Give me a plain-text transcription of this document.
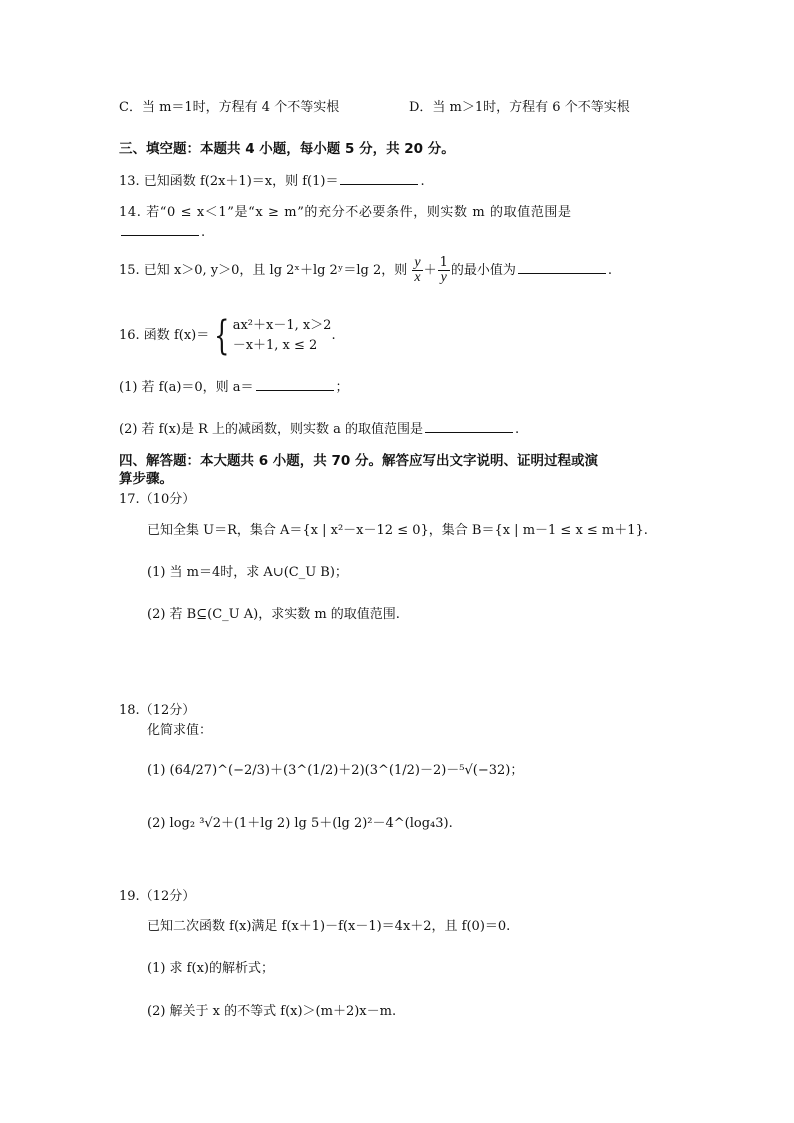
C．当 m＝1时，方程有 4 个不等实根	D．当 m＞1时，方程有 6 个不等实根
三、填空题：本题共 4 小题，每小题 5 分，共 20 分。
13. 已知函数 f(2x＋1)＝x，则 f(1)＝	.
14. 若“0 ≤ x＜1”是“x ≥ m”的充分不必要条件，则实数 m 的取值范围是
.
15. 已知 x＞0, y＞0，且 lg 2ˣ＋lg 2ʸ＝lg 2，则 $\frac{y}{x} + \frac{1}{y}$ 的最小值为	.
16. 函数 f(x)＝ { ax²＋x－1, x＞2
－x＋1, x ≤ 2
.
(1) 若 f(a)＝0，则 a＝	；
(2) 若 f(x)是 R 上的减函数，则实数 a 的取值范围是	.
四、解答题：本大题共 6 小题，共 70 分。解答应写出文字说明、证明过程或演
算步骤。
17.（10分）
已知全集 U＝R，集合 A＝{x | x²－x－12 ≤ 0}，集合 B＝{x | m－1 ≤ x ≤ m＋1}.
(1) 当 m＝4时，求 A∪(C_U B)；
(2) 若 B⊆(C_U A)，求实数 m 的取值范围.
18.（12分）
化简求值：
(1) (64/27)^(−2/3)＋(3^(1/2)＋2)(3^(1/2)－2)－⁵√(−32)；
(2) log₂ ³√2＋(1＋lg 2) lg 5＋(lg 2)²－4^(log₄3).
19.（12分）
已知二次函数 f(x)满足 f(x＋1)－f(x－1)＝4x＋2，且 f(0)＝0.
(1) 求 f(x)的解析式；
(2) 解关于 x 的不等式 f(x)＞(m＋2)x－m.
